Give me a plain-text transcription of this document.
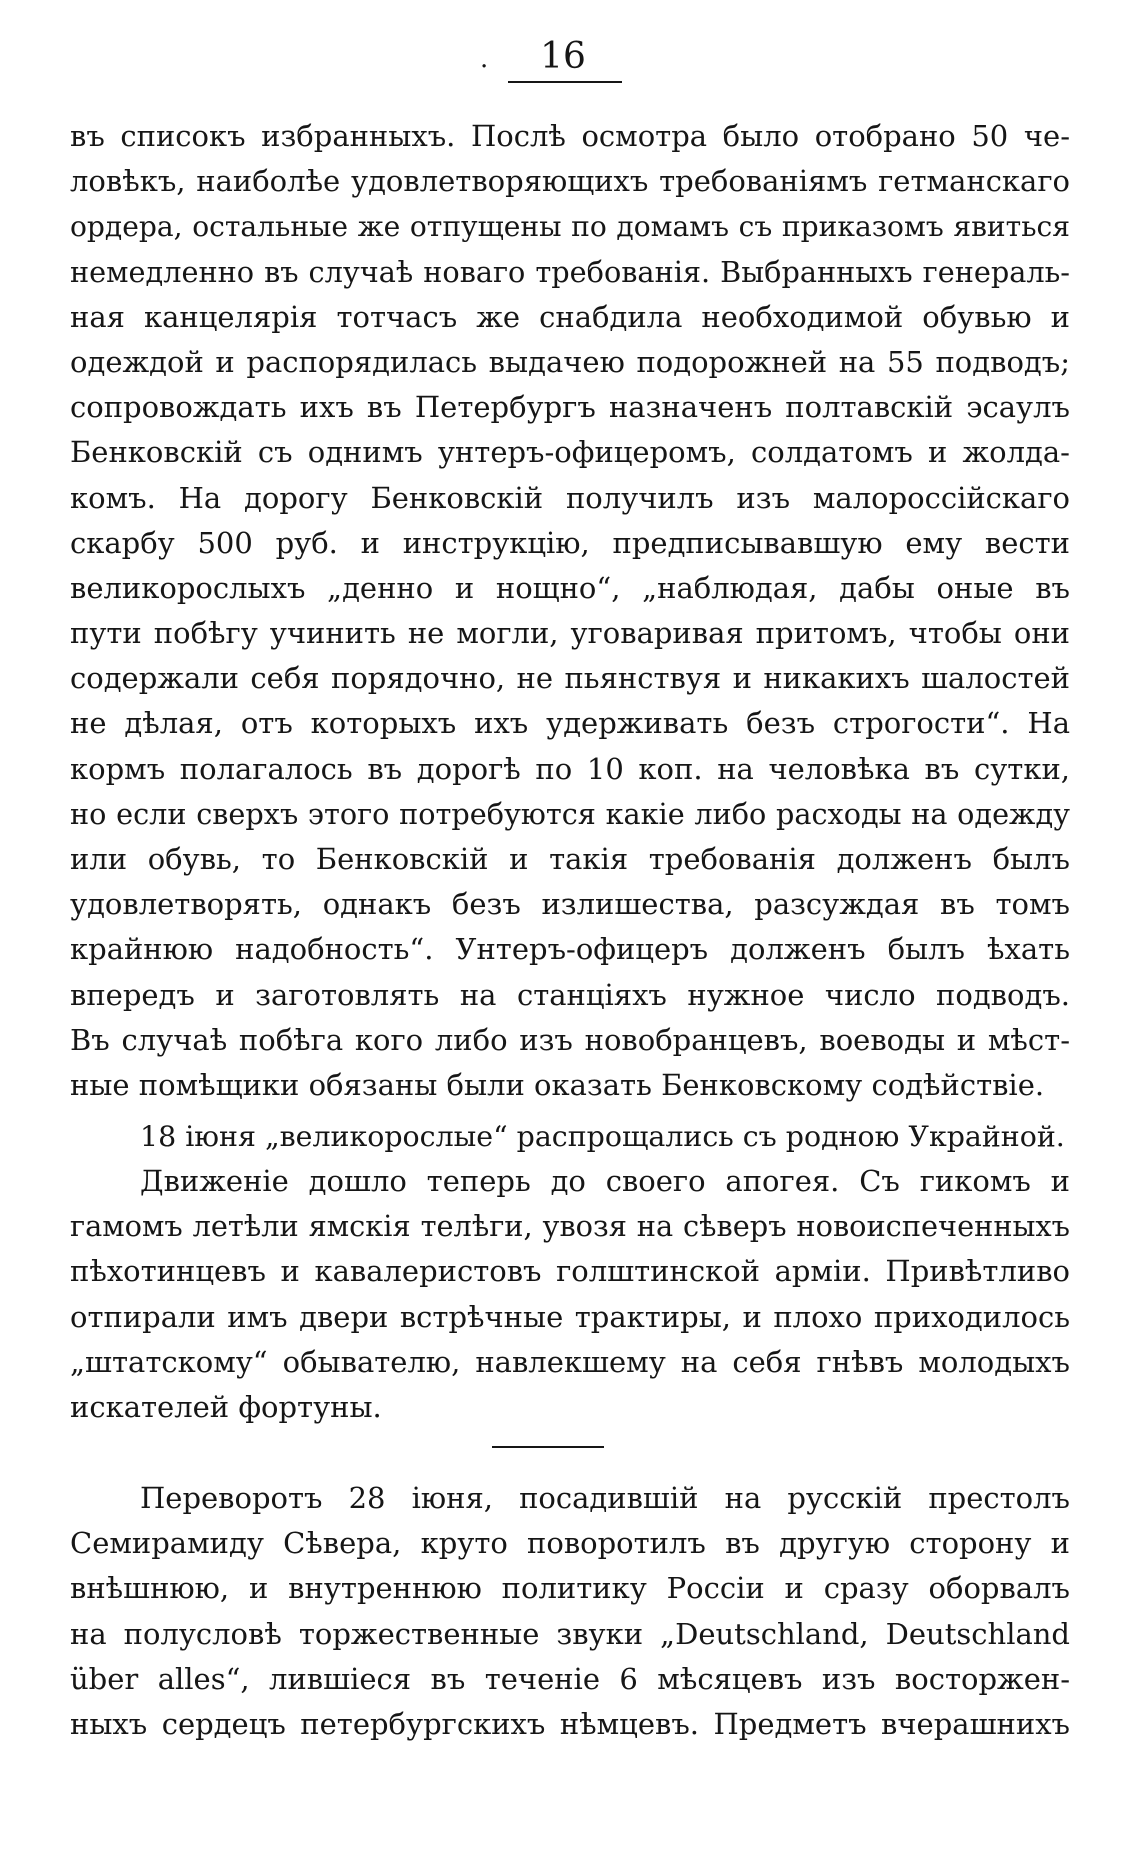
·	16
въ списокъ избранныхъ. Послѣ осмотра было отобрано 50 че-
ловѣкъ, наиболѣе удовлетворяющихъ требованіямъ гетманскаго
ордера, остальные же отпущены по домамъ съ приказомъ явиться
немедленно въ случаѣ новаго требованія. Выбранныхъ генераль-
ная канцелярія тотчасъ же снабдила необходимой обувью и
одеждой и распорядилась выдачею подорожней на 55 подводъ;
сопровождать ихъ въ Петербургъ назначенъ полтавскій эсаулъ
Бенковскій съ однимъ унтеръ-офицеромъ, солдатомъ и жолда-
комъ. На дорогу Бенковскій получилъ изъ малороссійскаго
скарбу 500 руб. и инструкцію, предписывавшую ему вести
великорослыхъ „денно и нощно“, „наблюдая, дабы оные въ
пути побѣгу учинить не могли, уговаривая притомъ, чтобы они
содержали себя порядочно, не пьянствуя и никакихъ шалостей
не дѣлая, отъ которыхъ ихъ удерживать безъ строгости“. На
кормъ полагалось въ дорогѣ по 10 коп. на человѣка въ сутки,
но если сверхъ этого потребуются какіе либо расходы на одежду
или обувь, то Бенковскій и такія требованія долженъ былъ
удовлетворять, однакъ безъ излишества, разсуждая въ томъ
крайнюю надобность“. Унтеръ-офицеръ долженъ былъ ѣхать
впередъ и заготовлять на станціяхъ нужное число подводъ.
Въ случаѣ побѣга кого либо изъ новобранцевъ, воеводы и мѣст-
ные помѣщики обязаны были оказать Бенковскому содѣйствіе.
18 іюня „великорослые“ распрощались съ родною Украйной.
Движеніе дошло теперь до своего апогея. Съ гикомъ и
гамомъ летѣли ямскія телѣги, увозя на сѣверъ новоиспеченныхъ
пѣхотинцевъ и кавалеристовъ голштинской арміи. Привѣтливо
отпирали имъ двери встрѣчные трактиры, и плохо приходилось
„штатскому“ обывателю, навлекшему на себя гнѣвъ молодыхъ
искателей фортуны.
Переворотъ 28 іюня, посадившій на русскій престолъ
Семирамиду Сѣвера, круто поворотилъ въ другую сторону и
внѣшнюю, и внутреннюю политику Россіи и сразу оборвалъ
на полусловѣ торжественные звуки „Deutschland, Deutschland
über alles“, лившіеся въ теченіе 6 мѣсяцевъ изъ восторжен-
ныхъ сердецъ петербургскихъ нѣмцевъ. Предметъ вчерашнихъ
